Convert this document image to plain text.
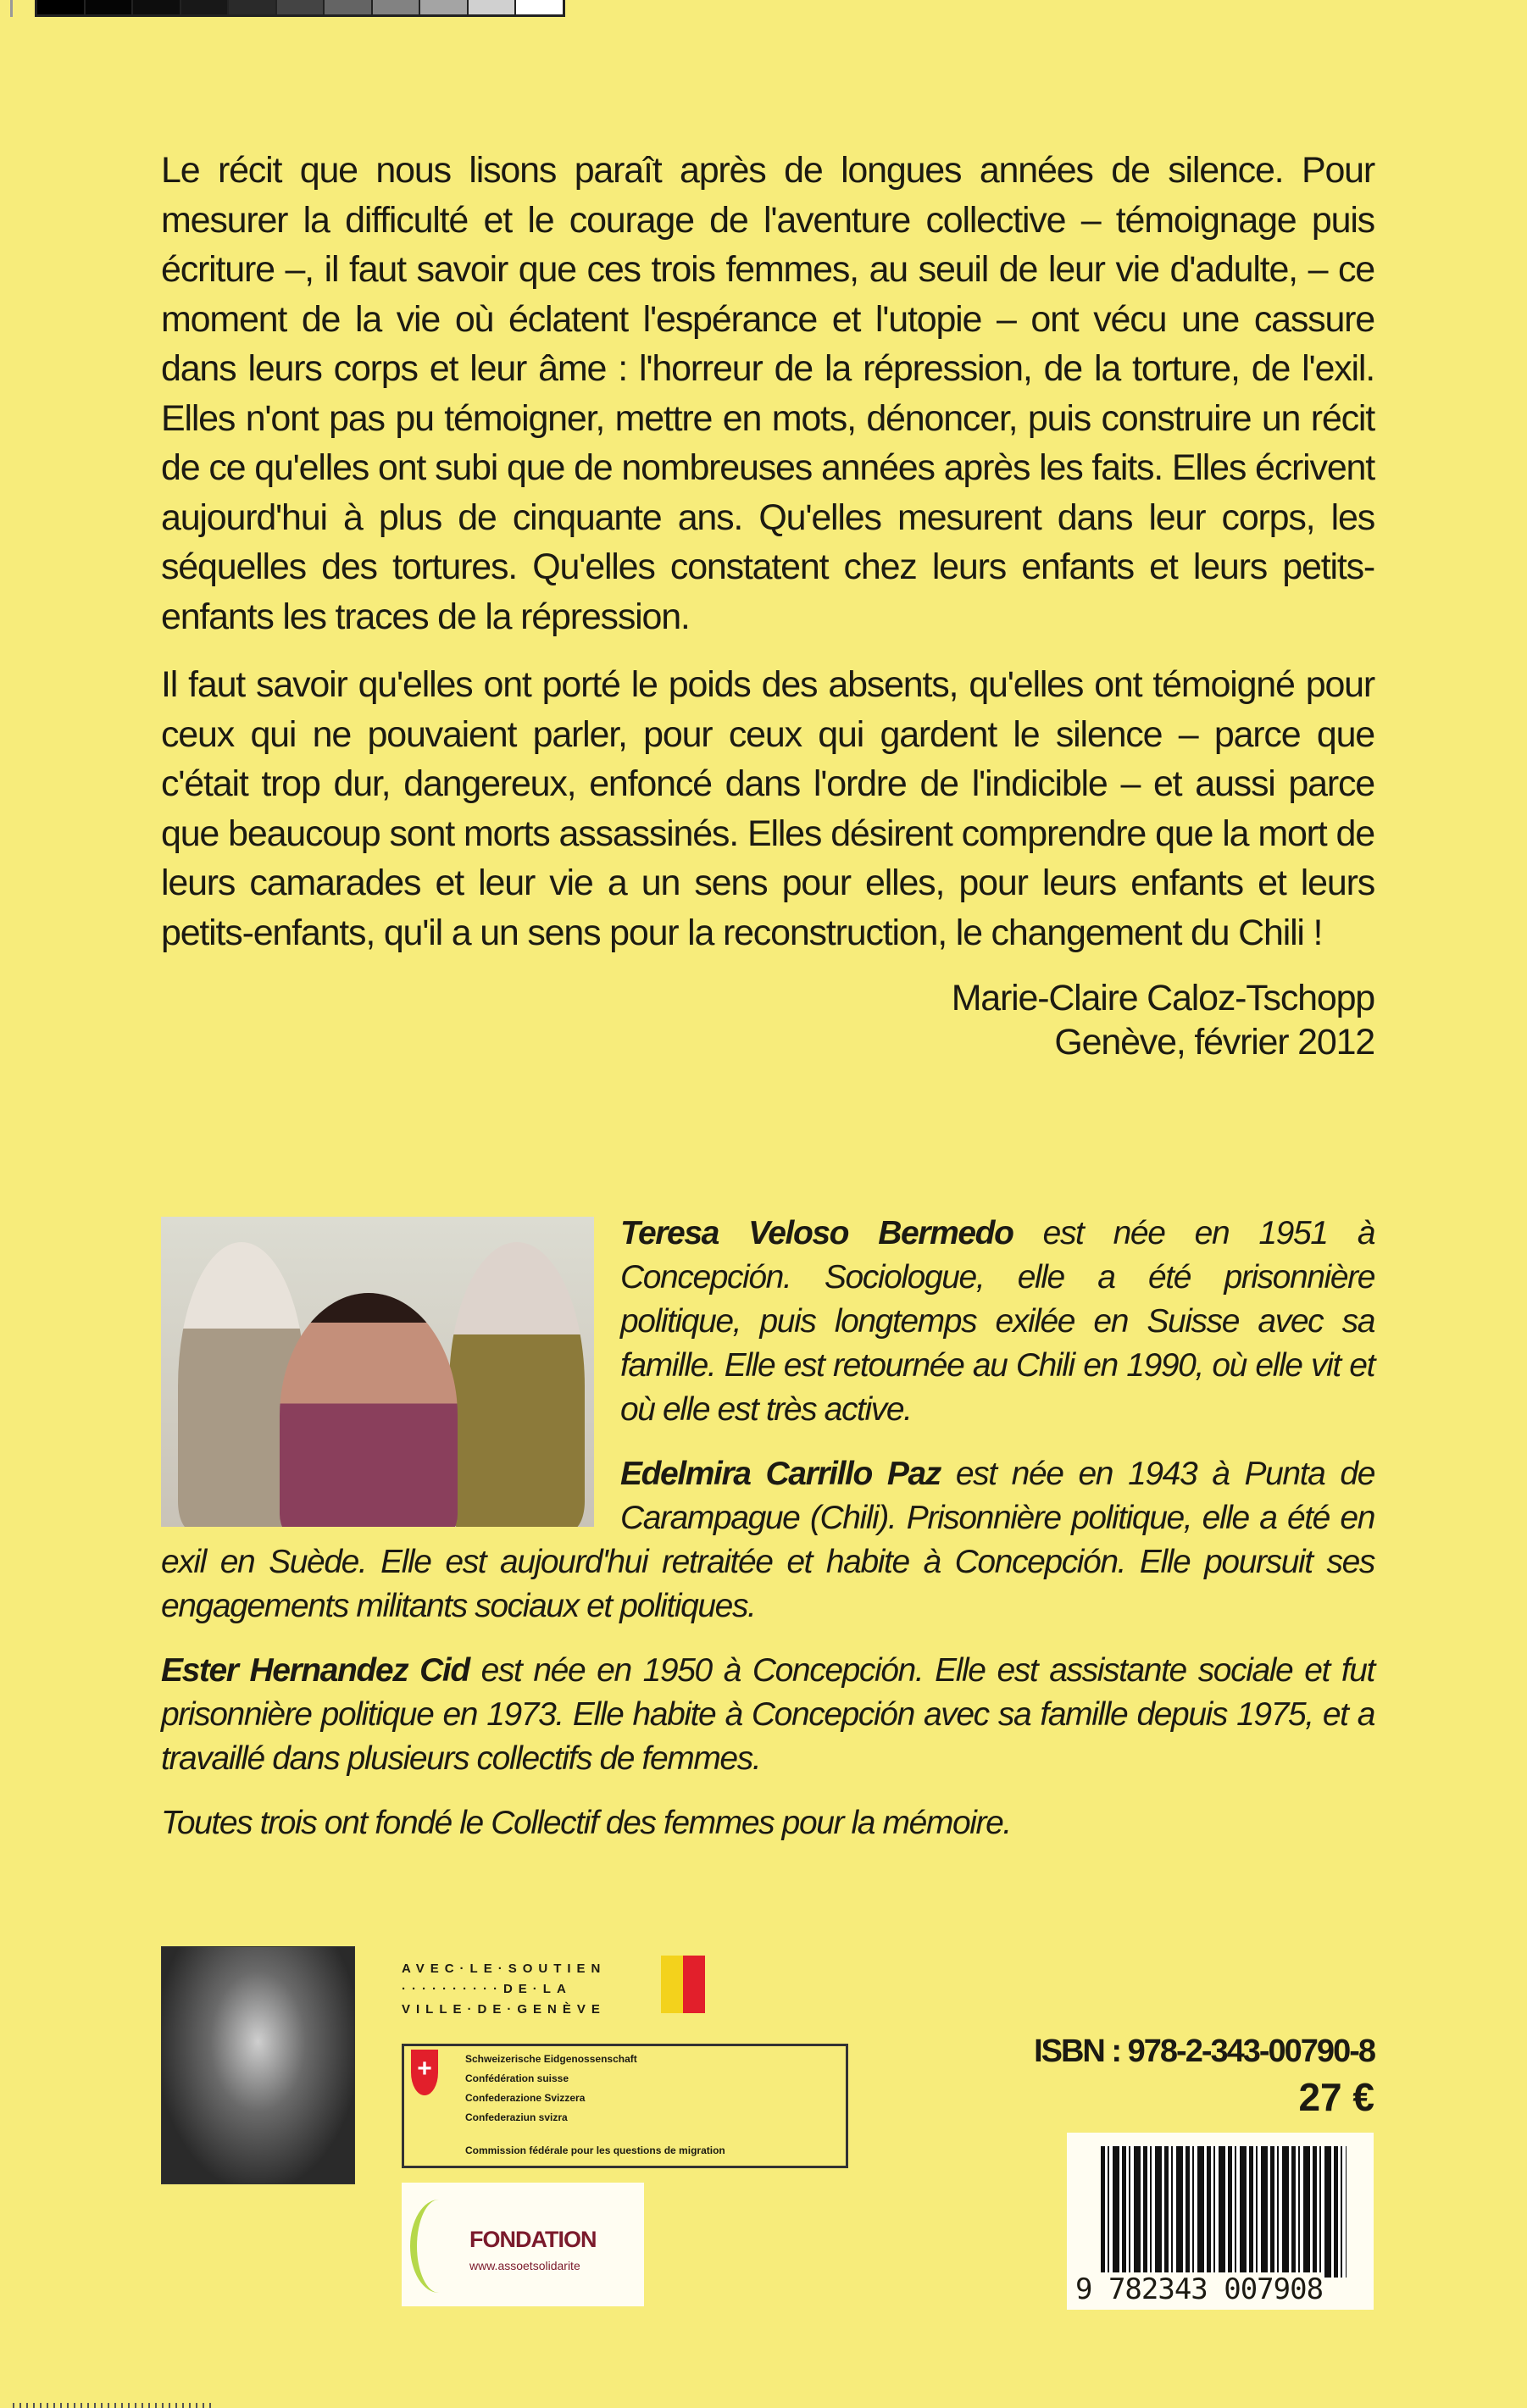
Le récit que nous lisons paraît après de longues années de silence. Pour mesurer la difficulté et le courage de l'aventure collective – témoignage puis écriture –, il faut savoir que ces trois femmes, au seuil de leur vie d'adulte, – ce moment de la vie où éclatent l'espérance et l'utopie – ont vécu une cassure dans leurs corps et leur âme : l'horreur de la répression, de la torture, de l'exil. Elles n'ont pas pu témoigner, mettre en mots, dénoncer, puis construire un récit de ce qu'elles ont subi que de nombreuses années après les faits. Elles écrivent aujourd'hui à plus de cinquante ans. Qu'elles mesurent dans leur corps, les séquelles des tortures. Qu'elles constatent chez leurs enfants et leurs petits-enfants les traces de la répression.

Il faut savoir qu'elles ont porté le poids des absents, qu'elles ont témoigné pour ceux qui ne pouvaient parler, pour ceux qui gardent le silence – parce que c'était trop dur, dangereux, enfoncé dans l'ordre de l'indicible – et aussi parce que beaucoup sont morts assassinés. Elles désirent comprendre que la mort de leurs camarades et leur vie a un sens pour elles, pour leurs enfants et leurs petits-enfants, qu'il a un sens pour la reconstruction, le changement du Chili !

Marie-Claire Caloz-Tschopp
Genève, février 2012

Teresa Veloso Bermedo est née en 1951 à Concepción. Sociologue, elle a été prisonnière politique, puis longtemps exilée en Suisse avec sa famille. Elle est retournée au Chili en 1990, où elle vit et où elle est très active.

Edelmira Carrillo Paz est née en 1943 à Punta de Carampague (Chili). Prisonnière politique, elle a été en exil en Suède. Elle est aujourd'hui retraitée et habite à Concepción. Elle poursuit ses engagements militants sociaux et politiques.

Ester Hernandez Cid est née en 1950 à Concepción. Elle est assistante sociale et fut prisonnière politique en 1973. Elle habite à Concepción avec sa famille depuis 1975, et a travaillé dans plusieurs collectifs de femmes.

Toutes trois ont fondé le Collectif des femmes pour la mémoire.

AVEC·LE·SOUTIEN
··········DE·LA
VILLE·DE·GENÈVE
+	Schweizerische Eidgenossenschaft
Confédération suisse
Confederazione Svizzera
Confederaziun svizra
Commission fédérale pour les questions de migration
FONDATION
www.assoetsolidarite
ISBN : 978-2-343-00790-8
27 €
9 782343 007908
